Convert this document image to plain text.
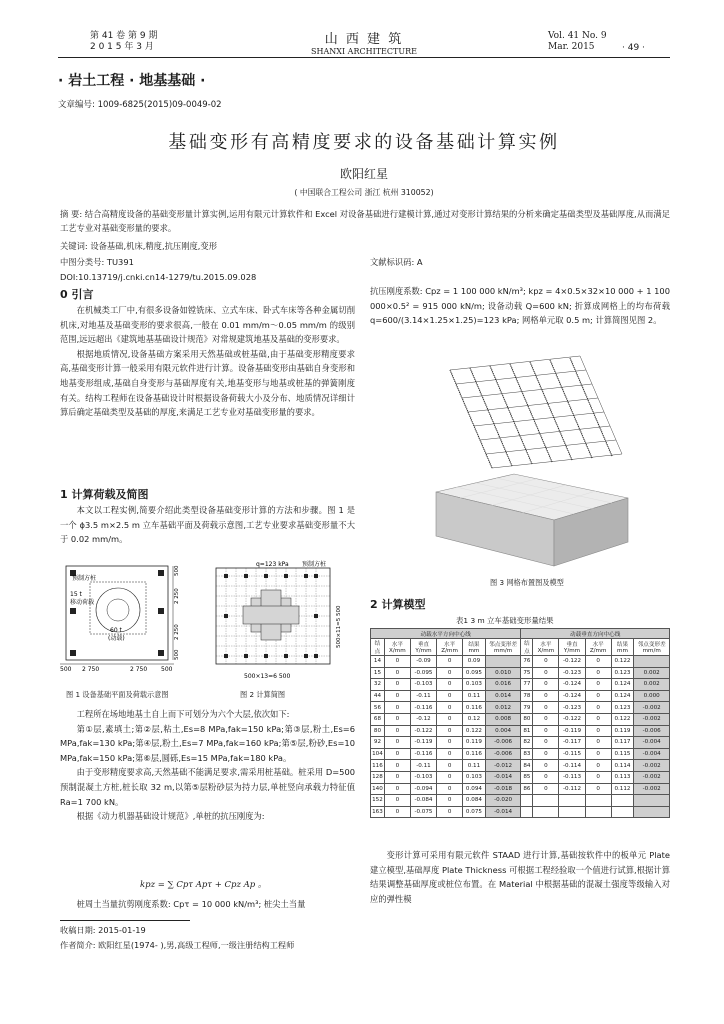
第 41 卷 第 9 期
2 0 1 5 年 3 月	山 西 建 筑
SHANXI ARCHITECTURE
Vol. 41 No. 9
Mar. 2015	· 49 ·
· 岩土工程 · 地基基础 ·
文章编号: 1009-6825(2015)09-0049-02
基础变形有高精度要求的设备基础计算实例
欧阳红星
( 中国联合工程公司 浙江 杭州 310052)
摘 要: 结合高精度设备的基础变形量计算实例,运用有限元计算软件和 Excel 对设备基础进行建模计算,通过对变形计算结果的分析来确定基础类型及基础厚度,从而满足工艺专业对基础变形量的要求。
关键词: 设备基础,机床,精度,抗压刚度,变形
中图分类号: TU391	文献标识码: A
DOI:10.13719/j.cnki.cn14-1279/tu.2015.09.028
0 引言

在机械类工厂中,有很多设备如镗铣床、立式车床、卧式车床等各种金属切削机床,对地基及基础变形的要求很高,一般在 0.01 mm/m～0.05 mm/m 的级别范围,远远超出《建筑地基基础设计规范》对常规建筑地基及基础的变形要求。

根据地质情况,设备基础方案采用天然基础或桩基础,由于基础变形精度要求高,基础变形计算一般采用有限元软件进行计算。设备基础变形由基础自身变形和地基变形组成,基础自身变形与基础厚度有关,地基变形与地基或桩基的弹簧刚度有关。结构工程师在设备基础设计时根据设备荷载大小及分布、地质情况详细计算后确定基础类型及基础的厚度,来满足工艺专业对基础变形量的要求。

1 计算荷载及简图

本文以工程实例,简要介绍此类型设备基础变形计算的方法和步骤。图 1 是一个 ϕ3.5 m×2.5 m 立车基础平面及荷载示意图,工艺专业要求基础变形量不大于 0.02 mm/m。

预制方桩
15 t
移动荷载
60 t
(动载)
500 2 750	2 750 500
500
2 250
2 250
500
q=123 kPa 预制方桩
500×13=6 500
500×11=5 500
图 1 设备基础平面及荷载示意图	图 2 计算简图

工程所在场地地基土自上而下可划分为六个大层,依次如下:

第①层,素填土;第②层,粘土,Es=8 MPa,fak=150 kPa;第③层,粉土,Es=6 MPa,fak=130 kPa;第④层,粉土,Es=7 MPa,fak=160 kPa;第⑤层,粉砂,Es=10 MPa,fak=150 kPa;第⑥层,圆砾,Es=15 MPa,fak=180 kPa。

由于变形精度要求高,天然基础不能满足要求,需采用桩基础。桩采用 D=500 预制混凝土方桩,桩长取 32 m,以第⑤层粉砂层为持力层,单桩竖向承载力特征值 Ra=1 700 kN。

根据《动力机器基础设计规范》,单桩的抗压刚度为:

kpz = ∑ Cpτ Apτ + Cpz Ap 。

桩周土当量抗剪刚度系数: Cpτ = 10 000 kN/m³; 桩尖土当量

抗压刚度系数: Cpz = 1 100 000 kN/m³; kpz = 4×0.5×32×10 000 + 1 100 000×0.5² = 915 000 kN/m; 设备动载 Q=600 kN; 折算成网格上的均布荷载 q=600/(3.14×1.25×1.25)=123 kPa; 网格单元取 0.5 m; 计算简图见图 2。

图 3 网格布置图及模型
2 计算模型
表1 3 m 立车基础变形量结果
动载水平方向中心线						动载垂直方向中心线					
结点	水平 X/mm	垂直 Y/mm	水平 Z/mm	结果 mm	邻点变形差 mm/m	结点	水平 X/mm	垂直 Y/mm	水平 Z/mm	结果 mm	邻点变形差 mm/m
14	0	-0.09	0	0.09		76	0	-0.122	0	0.122	
15	0	-0.095	0	0.095	0.010	75	0	-0.123	0	0.123	0.002
32	0	-0.103	0	0.103	0.016	77	0	-0.124	0	0.124	0.002
44	0	-0.11	0	0.11	0.014	78	0	-0.124	0	0.124	0.000
56	0	-0.116	0	0.116	0.012	79	0	-0.123	0	0.123	-0.002
68	0	-0.12	0	0.12	0.008	80	0	-0.122	0	0.122	-0.002
80	0	-0.122	0	0.122	0.004	81	0	-0.119	0	0.119	-0.006
92	0	-0.119	0	0.119	-0.006	82	0	-0.117	0	0.117	-0.004
104	0	-0.116	0	0.116	-0.006	83	0	-0.115	0	0.115	-0.004
116	0	-0.11	0	0.11	-0.012	84	0	-0.114	0	0.114	-0.002
128	0	-0.103	0	0.103	-0.014	85	0	-0.113	0	0.113	-0.002
140	0	-0.094	0	0.094	-0.018	86	0	-0.112	0	0.112	-0.002
152	0	-0.084	0	0.084	-0.020						
163	0	-0.075	0	0.075	-0.014						

变形计算可采用有限元软件 STAAD 进行计算,基础按软件中的板单元 Plate 建立模型,基础厚度 Plate Thickness 可根据工程经验取一个值进行试算,根据计算结果调整基础厚度或桩位布置。在 Material 中根据基础的混凝土强度等级输入对应的弹性模

收稿日期: 2015-01-19
作者简介: 欧阳红星(1974- ),男,高级工程师,一级注册结构工程师
